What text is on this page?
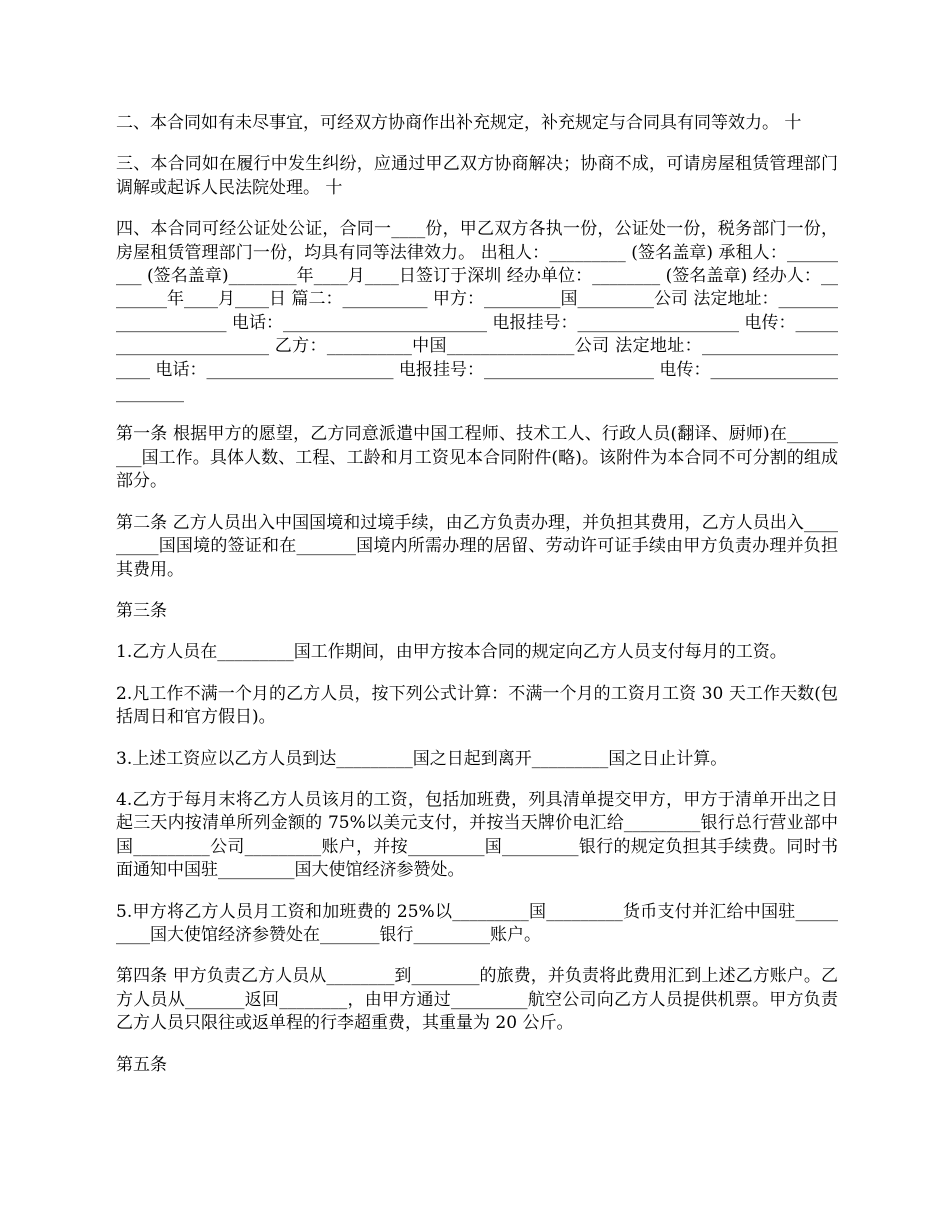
二、本合同如有未尽事宜，可经双方协商作出补充规定，补充规定与合同具有同等效力。 十

三、本合同如在履行中发生纠纷，应通过甲乙双方协商解决；协商不成，可请房屋租赁管理部门调解或起诉人民法院处理。 十

四、本合同可经公证处公证，合同一____份，甲乙双方各执一份，公证处一份，税务部门一份，房屋租赁管理部门一份，均具有同等法律效力。 出租人：_________ (签名盖章) 承租人：_________ (签名盖章)________年____月____日签订于深圳 经办单位：________ (签名盖章) 经办人：________年____月____日 篇二：__________ 甲方：_________国_________公司 法定地址：____________________ 电话：________________________ 电报挂号：___________________ 电传：_______________________ 乙方：__________中国_______________公司 法定地址：____________________ 电话：______________________ 电报挂号：____________________ 电传：_______________________

第一条 根据甲方的愿望，乙方同意派遣中国工程师、技术工人、行政人员(翻译、厨师)在_________国工作。具体人数、工程、工龄和月工资见本合同附件(略)。该附件为本合同不可分割的组成部分。

第二条 乙方人员出入中国国境和过境手续，由乙方负责办理，并负担其费用，乙方人员出入_________国国境的签证和在_______国境内所需办理的居留、劳动许可证手续由甲方负责办理并负担其费用。

第三条

1.乙方人员在_________国工作期间，由甲方按本合同的规定向乙方人员支付每月的工资。

2.凡工作不满一个月的乙方人员，按下列公式计算：不满一个月的工资月工资 30 天工作天数(包括周日和官方假日)。

3.上述工资应以乙方人员到达_________国之日起到离开_________国之日止计算。

4.乙方于每月末将乙方人员该月的工资，包括加班费，列具清单提交甲方，甲方于清单开出之日起三天内按清单所列金额的 75%以美元支付，并按当天牌价电汇给_________银行总行营业部中国_________公司_________账户，并按_________国_________银行的规定负担其手续费。同时书面通知中国驻_________国大使馆经济参赞处。

5.甲方将乙方人员月工资和加班费的 25%以_________国_________货币支付并汇给中国驻_________国大使馆经济参赞处在_______银行_________账户。

第四条 甲方负责乙方人员从________到________的旅费，并负责将此费用汇到上述乙方账户。乙方人员从_______返回________，由甲方通过_________航空公司向乙方人员提供机票。甲方负责乙方人员只限往或返单程的行李超重费，其重量为 20 公斤。

第五条
